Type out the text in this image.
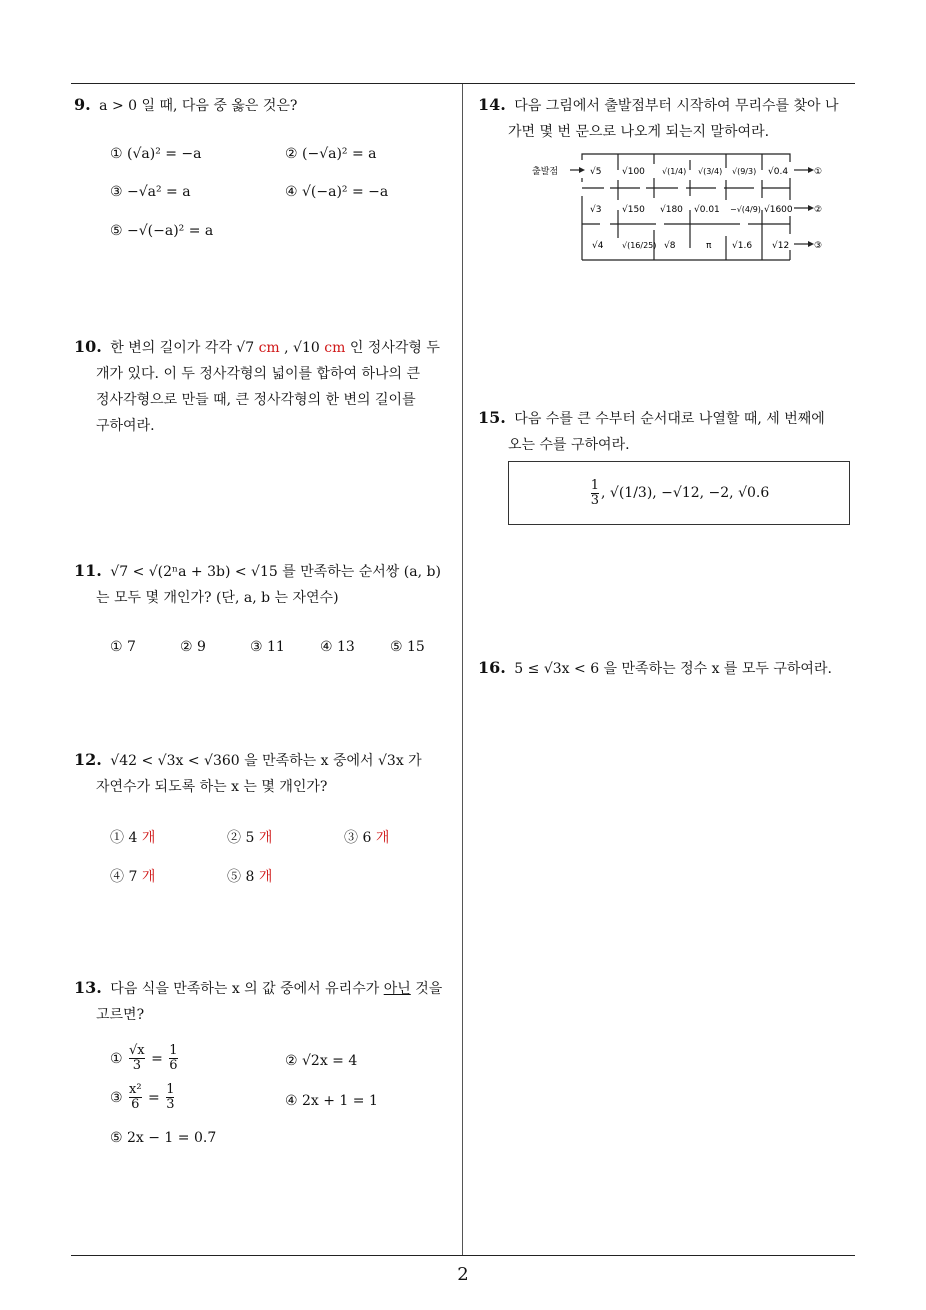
9. a > 0 일 때, 다음 중 옳은 것은?
① (√a)² = −a	② (−√a)² = a
③ −√a² = a	④ √(−a)² = −a
⑤ −√(−a)² = a
10. 한 변의 길이가 각각 √7 cm , √10 cm 인 정사각형 두
개가 있다. 이 두 정사각형의 넓이를 합하여 하나의 큰
정사각형으로 만들 때, 큰 정사각형의 한 변의 길이를
구하여라.
11. √7 < √(2ⁿa + 3b) < √15 를 만족하는 순서쌍 (a, b)
는 모두 몇 개인가? (단, a, b 는 자연수)
① 7	② 9	③ 11	④ 13	⑤ 15
12. √42 < √3x < √360 을 만족하는 x 중에서 √3x 가
자연수가 되도록 하는 x 는 몇 개인가?
① 4 개	② 5 개	③ 6 개
④ 7 개	⑤ 8 개
13. 다음 식을 만족하는 x 의 값 중에서 유리수가 아닌 것을
고르면?
①
$\frac{√x}{3} = \frac{1}{6}$	② √2x = 4
③
$\frac{\text{x²}}{6} = \frac{1}{3}$	④ 2x + 1 = 1
⑤ 2x − 1 = 0.7̇
14. 다음 그림에서 출발점부터 시작하여 무리수를 찾아 나
가면 몇 번 문으로 나오게 되는지 말하여라.
출발점	√5 √100 √(1/4) √(3/4) √(9/3) √0.4
√3 √150 √180 √0.01 −√(4/9) √1600
√4 √(16/25) √8	π √1.6 √12
①
②
③
15. 다음 수를 큰 수부터 순서대로 나열할 때, 세 번째에
오는 수를 구하여라.
$\frac{1}{3}$ , √(1/3), −√12, −2, √0.6
16. 5 ≤ √3x < 6 을 만족하는 정수 x 를 모두 구하여라.
2
